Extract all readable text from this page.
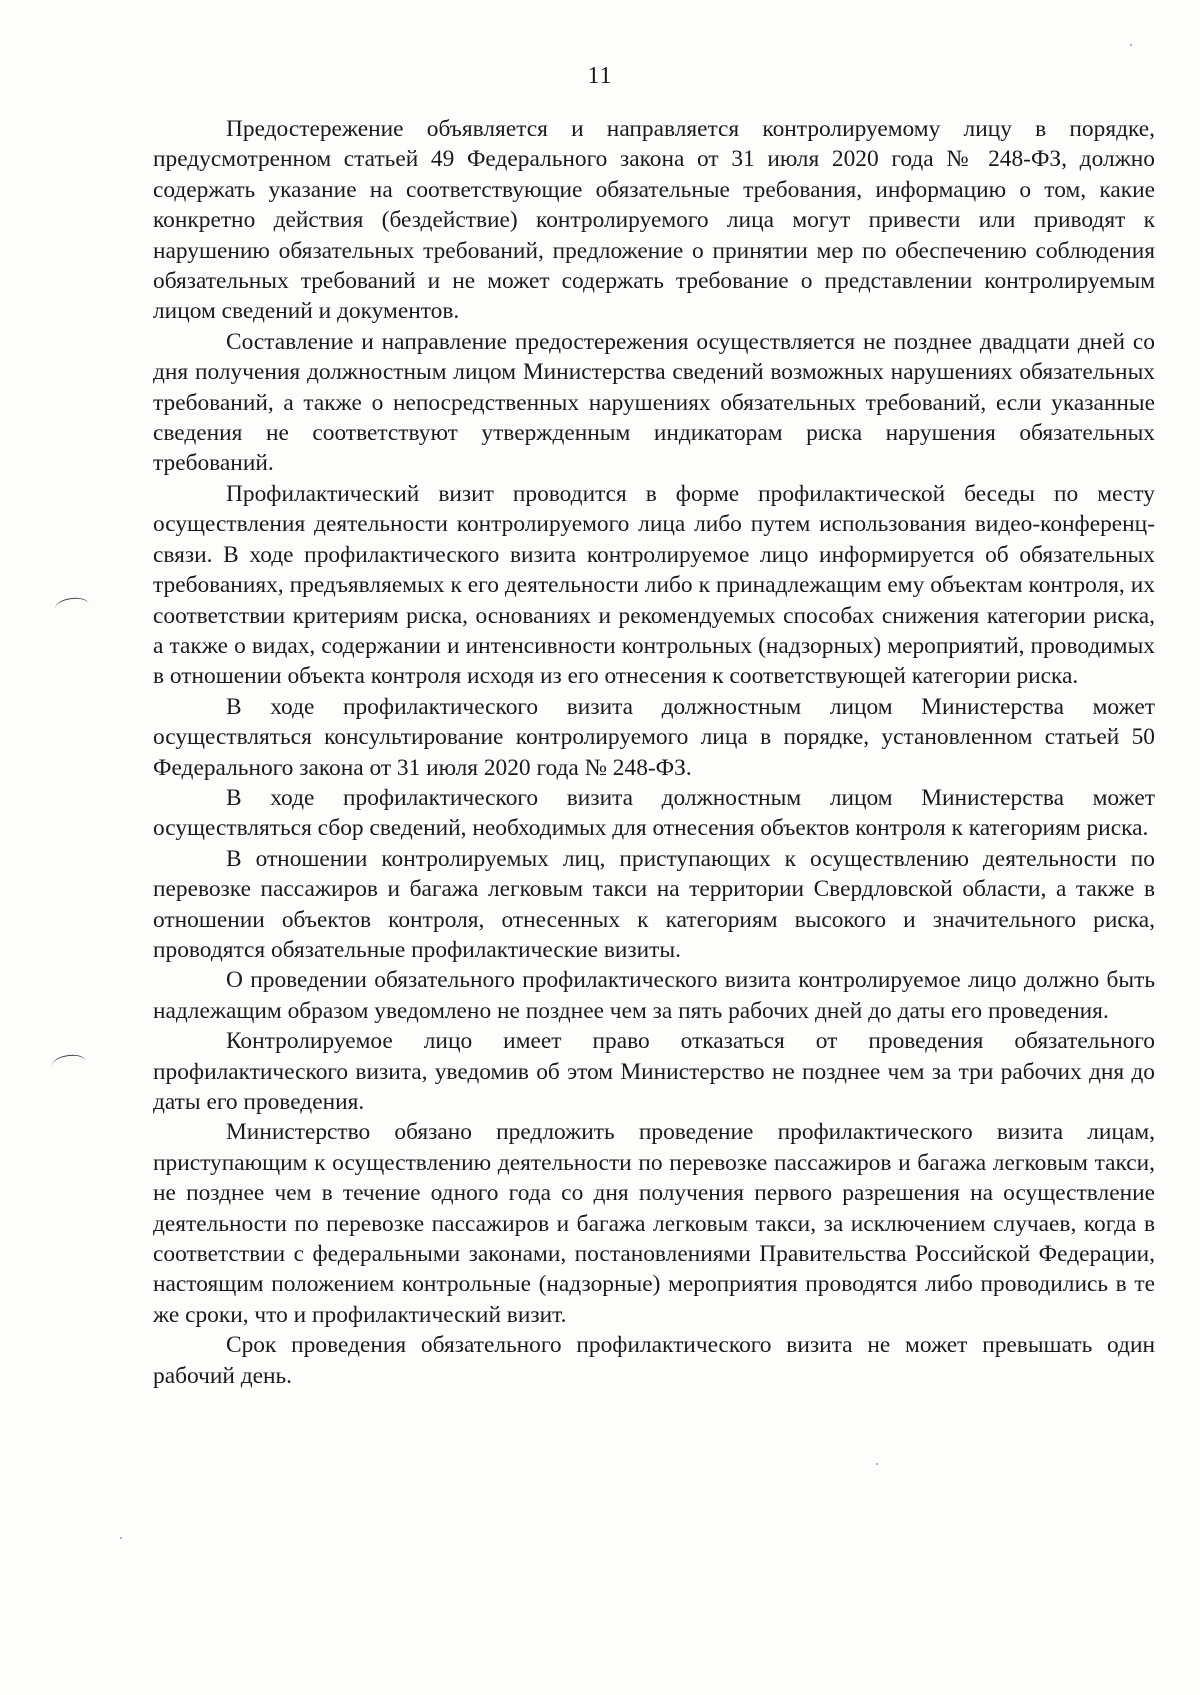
11

Предостережение объявляется и направляется контролируемому лицу в порядке, предусмотренном статьей 49 Федерального закона от 31 июля 2020 года № 248-ФЗ, должно содержать указание на соответствующие обязательные требования, информацию о том, какие конкретно действия (бездействие) контролируемого лица могут привести или приводят к нарушению обязательных требований, предложение о принятии мер по обеспечению соблюдения обязательных требований и не может содержать требование о представлении контролируемым лицом сведений и документов.

Составление и направление предостережения осуществляется не позднее двадцати дней со дня получения должностным лицом Министерства сведений возможных нарушениях обязательных требований, а также о непосредственных нарушениях обязательных требований, если указанные сведения не соответствуют утвержденным индикаторам риска нарушения обязательных требований.

Профилактический визит проводится в форме профилактической беседы по месту осуществления деятельности контролируемого лица либо путем использования видео-конференц-связи. В ходе профилактического визита контролируемое лицо информируется об обязательных требованиях, предъявляемых к его деятельности либо к принадлежащим ему объектам контроля, их соответствии критериям риска, основаниях и рекомендуемых способах снижения категории риска, а также о видах, содержании и интенсивности контрольных (надзорных) мероприятий, проводимых в отношении объекта контроля исходя из его отнесения к соответствующей категории риска.

В ходе профилактического визита должностным лицом Министерства может осуществляться консультирование контролируемого лица в порядке, установленном статьей 50 Федерального закона от 31 июля 2020 года № 248-ФЗ.

В ходе профилактического визита должностным лицом Министерства может осуществляться сбор сведений, необходимых для отнесения объектов контроля к категориям риска.

В отношении контролируемых лиц, приступающих к осуществлению деятельности по перевозке пассажиров и багажа легковым такси на территории Свердловской области, а также в отношении объектов контроля, отнесенных к категориям высокого и значительного риска, проводятся обязательные профилактические визиты.

О проведении обязательного профилактического визита контролируемое лицо должно быть надлежащим образом уведомлено не позднее чем за пять рабочих дней до даты его проведения.

Контролируемое лицо имеет право отказаться от проведения обязательного профилактического визита, уведомив об этом Министерство не позднее чем за три рабочих дня до даты его проведения.

Министерство обязано предложить проведение профилактического визита лицам, приступающим к осуществлению деятельности по перевозке пассажиров и багажа легковым такси, не позднее чем в течение одного года со дня получения первого разрешения на осуществление деятельности по перевозке пассажиров и багажа легковым такси, за исключением случаев, когда в соответствии с федеральными законами, постановлениями Правительства Российской Федерации, настоящим положением контрольные (надзорные) мероприятия проводятся либо проводились в те же сроки, что и профилактический визит.

Срок проведения обязательного профилактического визита не может превышать один рабочий день.
